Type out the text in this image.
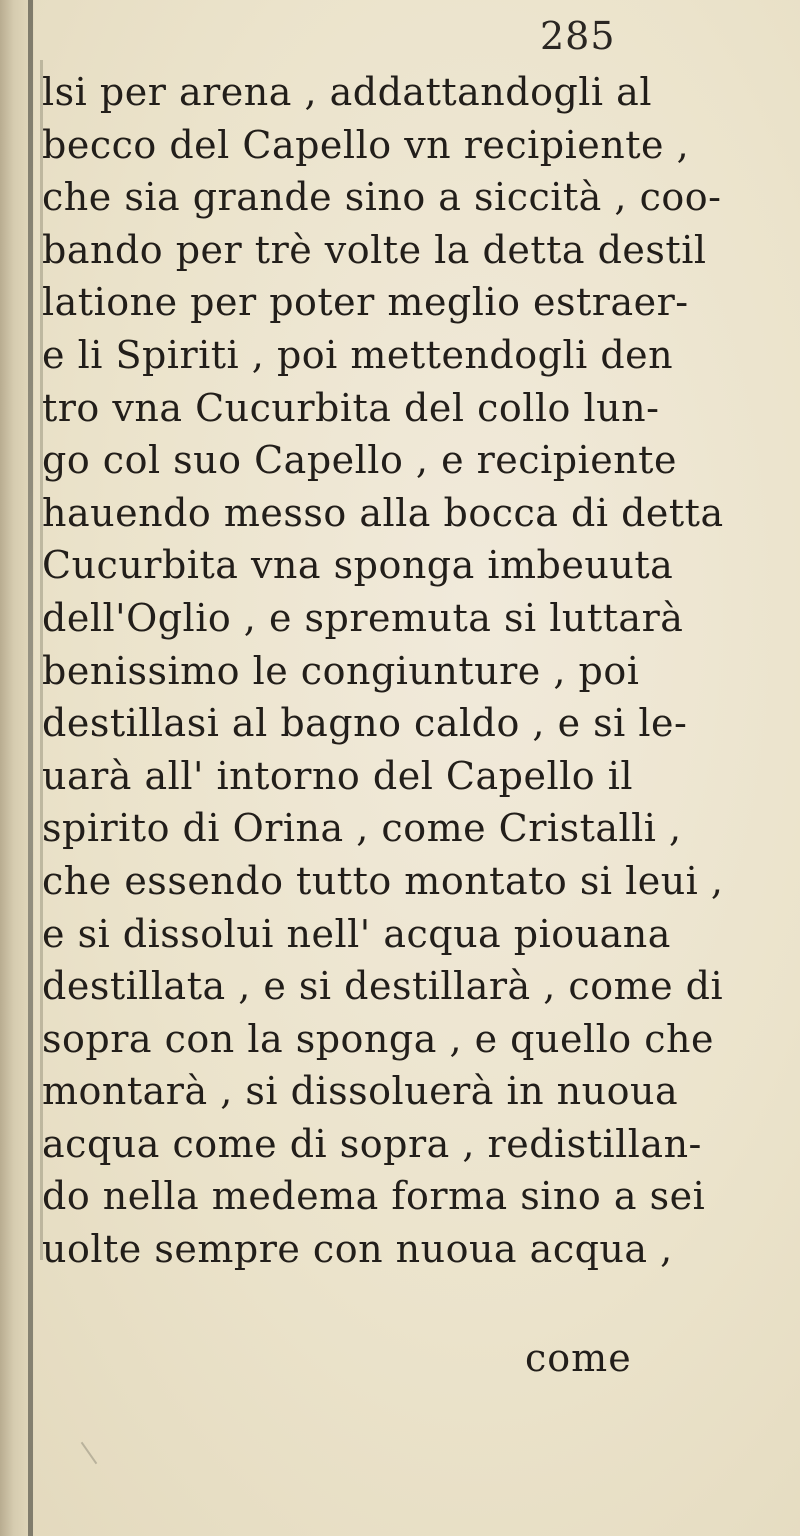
285
lsi per arena , addattandogli al
becco del Capello vn recipiente ,
che sia grande sino a siccità , coo-
bando per trè volte la detta destil
latione per poter meglio estraer-
e li Spiriti , poi mettendogli den
tro vna Cucurbita del collo lun-
go col suo Capello , e recipiente
hauendo messo alla bocca di detta
Cucurbita vna sponga imbeuuta
dell'Oglio , e spremuta si luttarà
benissimo le congiunture , poi
destillasi al bagno caldo , e si le-
uarà all' intorno del Capello il
spirito di Orina , come Cristalli ,
che essendo tutto montato si leui ,
e si dissolui nell' acqua piouana
destillata , e si destillarà , come di
sopra con la sponga , e quello che
montarà , si dissoluerà in nuoua
acqua come di sopra , redistillan-
do nella medema forma sino a sei
uolte sempre con nuoua acqua ,
come
